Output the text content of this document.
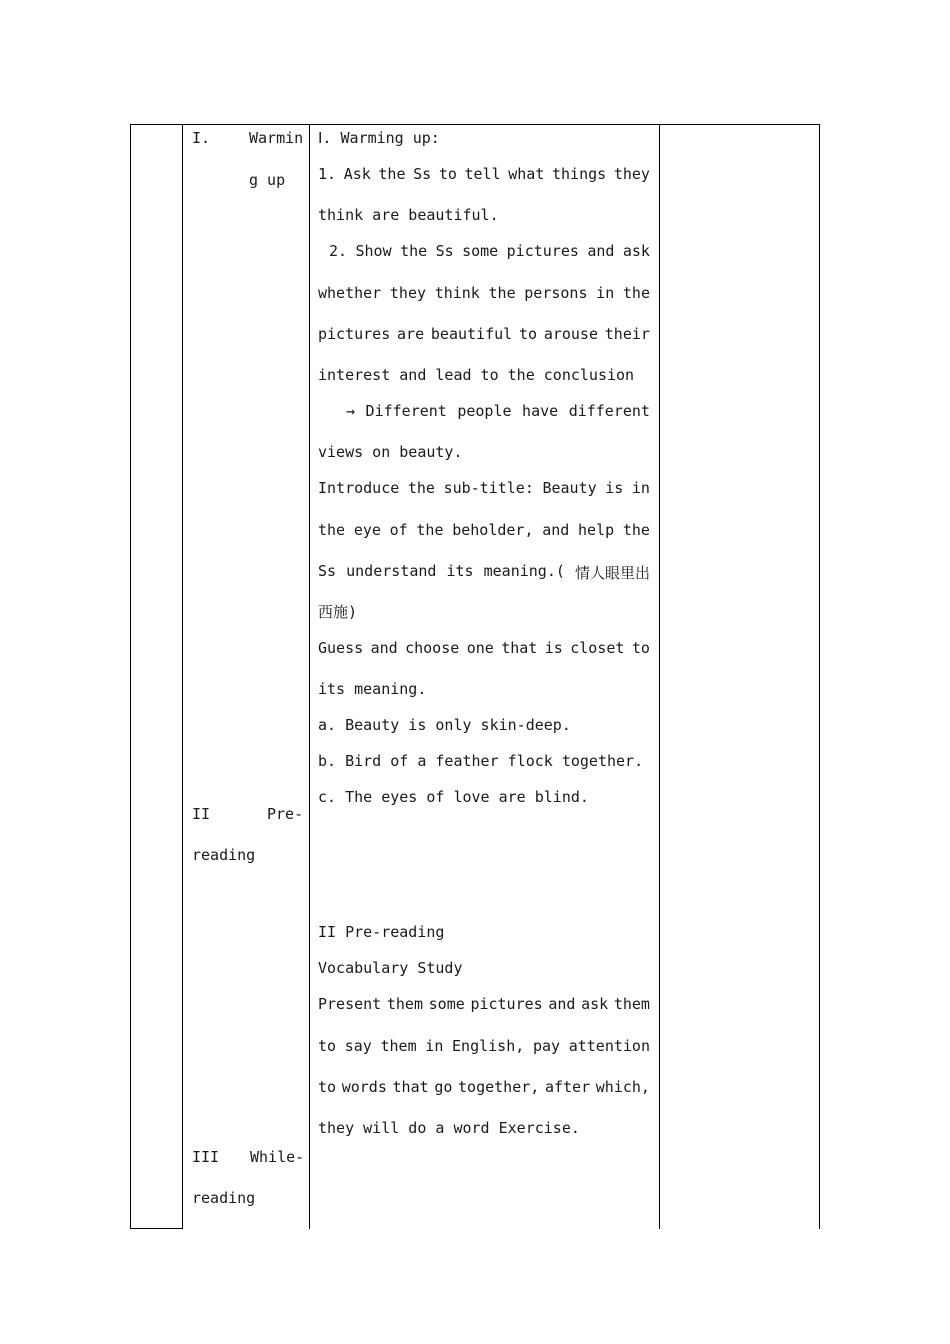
I.	Warmin
g up
II	Pre-
reading
III While-
reading
Ⅰ. Warming up:
1. Ask the Ss to tell what things they
think are beautiful.
2. Show the Ss some pictures and ask
whether they think the persons in the
pictures are beautiful to arouse their
interest and lead to the conclusion
→ Different people have different
views on beauty.
Introduce the sub-title: Beauty is in
the eye of the beholder, and help the
Ss understand its meaning.( 情人眼里出
西施)
Guess and choose one that is closet to
its meaning.
a. Beauty is only skin-deep.
b. Bird of a feather flock together.
c. The eyes of love are blind.
II Pre-reading
Vocabulary Study
Present them some pictures and ask them
to say them in English, pay attention
to words that go together, after which,
they will do a word Exercise.
